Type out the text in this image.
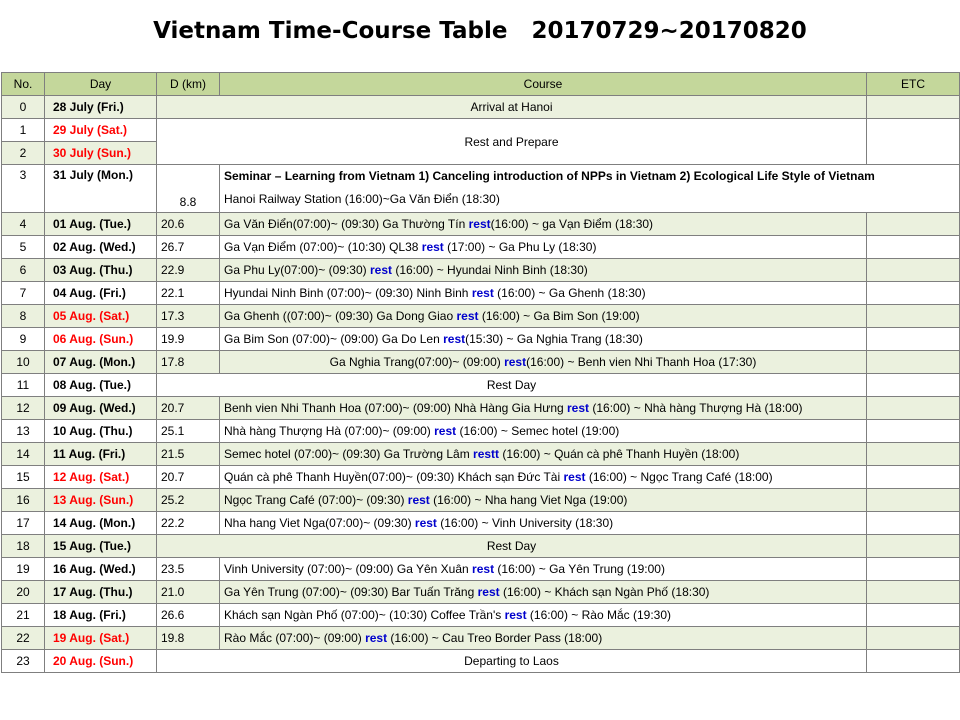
Vietnam Time-Course Table   20170729~20170820
No.	Day	D (km)	Course	ETC
0	28 July (Fri.)	Arrival at Hanoi		
1	29 July (Sat.)	Rest and Prepare		
2	30 July (Sun.)			
3	31 July (Mon.)	8.8	Seminar – Learning from Vietnam 1) Canceling introduction of NPPs in Vietnam 2) Ecological Life Style of Vietnam
Hanoi Railway Station (16:00)~Ga Văn Điển (18:30)	

4	01 Aug. (Tue.)	20.6	Ga Văn Điển(07:00)~ (09:30) Ga Thường Tín rest(16:00) ~ ga Vạn Điểm (18:30)	
5	02 Aug. (Wed.)	26.7	Ga Vạn Điểm (07:00)~ (10:30) QL38 rest (17:00) ~ Ga Phu Ly (18:30)	
6	03 Aug. (Thu.)	22.9	Ga Phu Ly(07:00)~ (09:30) rest (16:00) ~ Hyundai Ninh Binh (18:30)	
7	04 Aug. (Fri.)	22.1	Hyundai Ninh Binh (07:00)~ (09:30) Ninh Binh rest (16:00) ~ Ga Ghenh (18:30)	
8	05 Aug. (Sat.)	17.3	Ga Ghenh ((07:00)~ (09:30) Ga Dong Giao rest (16:00) ~ Ga Bim Son (19:00)	
9	06 Aug. (Sun.)	19.9	Ga Bim Son (07:00)~ (09:00) Ga Do Len rest(15:30) ~ Ga Nghia Trang (18:30)	
10	07 Aug. (Mon.)	17.8	Ga Nghia Trang(07:00)~ (09:00) rest(16:00) ~ Benh vien Nhi Thanh Hoa (17:30)	
11	08 Aug. (Tue.)	Rest Day		
12	09 Aug. (Wed.)	20.7	Benh vien Nhi Thanh Hoa (07:00)~ (09:00) Nhà Hàng Gia Hưng rest (16:00) ~ Nhà hàng Thượng Hà (18:00)	
13	10 Aug. (Thu.)	25.1	Nhà hàng Thượng Hà (07:00)~ (09:00) rest (16:00) ~ Semec hotel (19:00)	
14	11 Aug. (Fri.)	21.5	Semec hotel (07:00)~ (09:30) Ga Trường Lâm restt (16:00) ~ Quán cà phê Thanh Huyền (18:00)	
15	12 Aug. (Sat.)	20.7	Quán cà phê Thanh Huyền(07:00)~ (09:30) Khách sạn Đức Tài rest (16:00) ~ Ngọc Trang Café (18:00)	
16	13 Aug. (Sun.)	25.2	Ngọc Trang Café (07:00)~ (09:30) rest (16:00) ~ Nha hang Viet Nga (19:00)	
17	14 Aug. (Mon.)	22.2	Nha hang Viet Nga(07:00)~ (09:30) rest (16:00) ~ Vinh University (18:30)	
18	15 Aug. (Tue.)	Rest Day		
19	16 Aug. (Wed.)	23.5	Vinh University (07:00)~ (09:00) Ga Yên Xuân rest (16:00) ~ Ga Yên Trung (19:00)	
20	17 Aug. (Thu.)	21.0	Ga Yên Trung (07:00)~ (09:30) Bar Tuấn Trăng rest (16:00) ~ Khách sạn Ngàn Phố (18:30)	
21	18 Aug. (Fri.)	26.6	Khách sạn Ngàn Phố (07:00)~ (10:30) Coffee Trần's rest (16:00) ~ Rào Mắc (19:30)	
22	19 Aug. (Sat.)	19.8	Rào Mắc (07:00)~ (09:00) rest (16:00) ~ Cau Treo Border Pass (18:00)	
23	20 Aug. (Sun.)	Departing to Laos		
